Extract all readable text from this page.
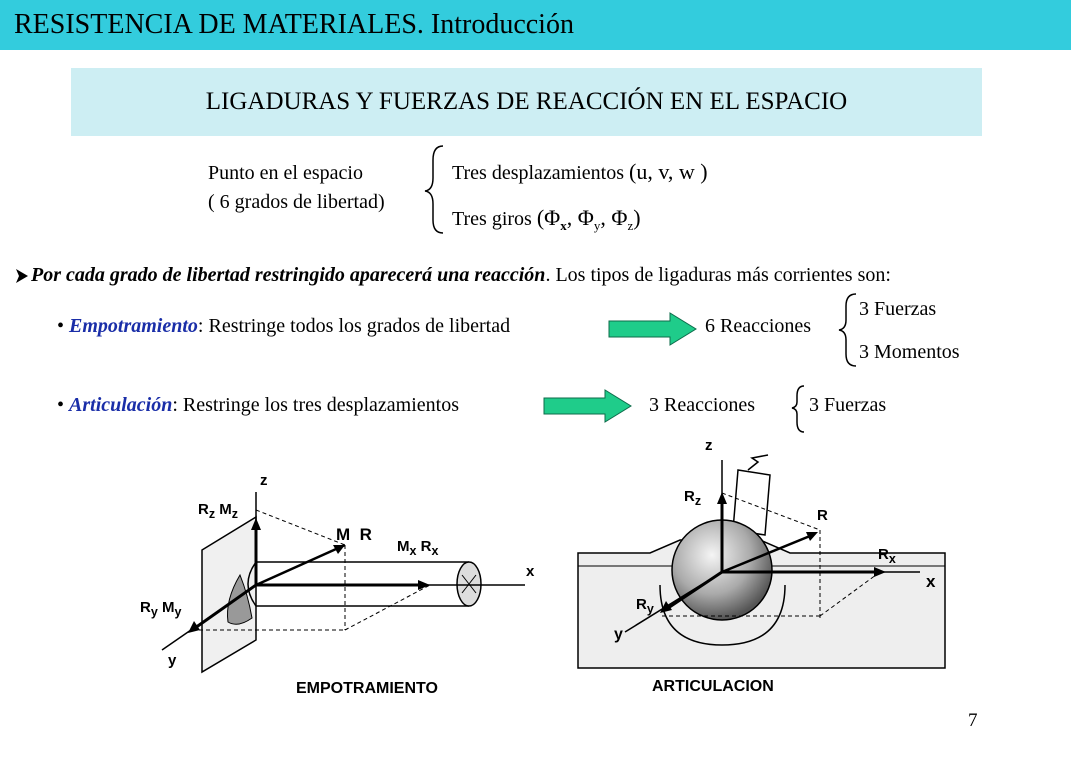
RESISTENCIA DE MATERIALES. Introducción
LIGADURAS Y FUERZAS DE REACCIÓN EN EL ESPACIO
Punto en el espacio
( 6 grados de libertad)
Tres desplazamientos (u, v, w )
Tres giros ($\Phi_x$, $\Phi_y$, $\Phi_z$)
Por cada grado de libertad restringido aparecerá una reacción. Los tipos de ligaduras más corrientes son:
• Empotramiento: Restringe todos los grados de libertad	6 Reacciones
3 Fuerzas
3 Momentos
• Articulación: Restringe los tres desplazamientos	3 Reacciones	3 Fuerzas
z
x
y
$R_z$ $M_z$
M R
$M_x$ $R_x$
$R_y$ $M_y$
EMPOTRAMIENTO
z
x
y
$R_z$
R
$R_x$
$R_y$
ARTICULACION
7
